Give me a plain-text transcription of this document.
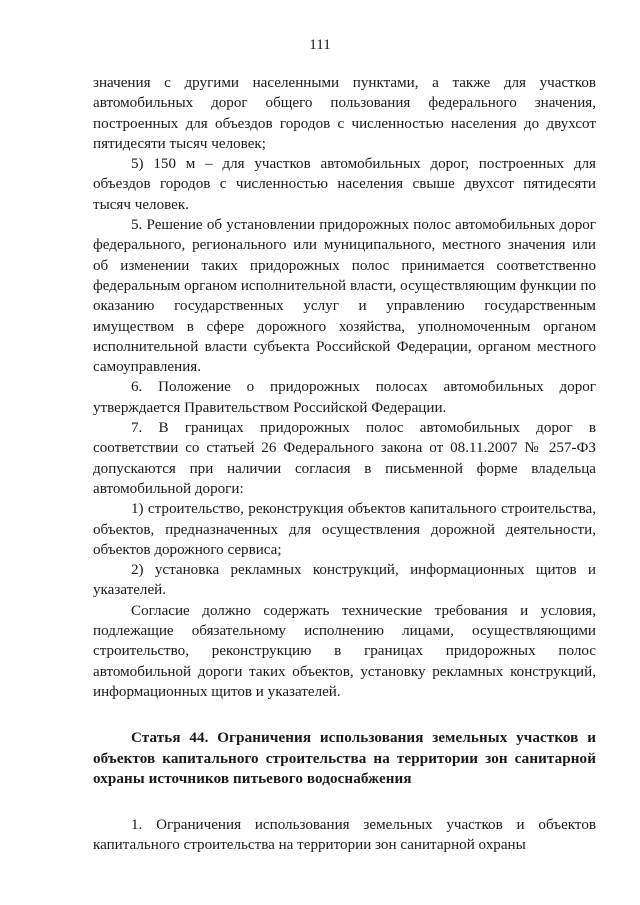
111

значения с другими населенными пунктами, а также для участков автомобильных дорог общего пользования федерального значения, построенных для объездов городов с численностью населения до двухсот пятидесяти тысяч человек;

5) 150 м – для участков автомобильных дорог, построенных для объездов городов с численностью населения свыше двухсот пятидесяти тысяч человек.

5. Решение об установлении придорожных полос автомобильных дорог федерального, регионального или муниципального, местного значения или об изменении таких придорожных полос принимается соответственно федеральным органом исполнительной власти, осуществляющим функции по оказанию государственных услуг и управлению государственным имуществом в сфере дорожного хозяйства, уполномоченным органом исполнительной власти субъекта Российской Федерации, органом местного самоуправления.

6. Положение о придорожных полосах автомобильных дорог утверждается Правительством Российской Федерации.

7. В границах придорожных полос автомобильных дорог в соответствии со статьей 26 Федерального закона от 08.11.2007 № 257-ФЗ допускаются при наличии согласия в письменной форме владельца автомобильной дороги:

1) строительство, реконструкция объектов капитального строительства, объектов, предназначенных для осуществления дорожной деятельности, объектов дорожного сервиса;

2) установка рекламных конструкций, информационных щитов и указателей.

Согласие должно содержать технические требования и условия, подлежащие обязательному исполнению лицами, осуществляющими строительство, реконструкцию в границах придорожных полос автомобильной дороги таких объектов, установку рекламных конструкций, информационных щитов и указателей.

Статья 44. Ограничения использования земельных участков и объектов капитального строительства на территории зон санитарной охраны источников питьевого водоснабжения

1. Ограничения использования земельных участков и объектов капитального строительства на территории зон санитарной охраны
